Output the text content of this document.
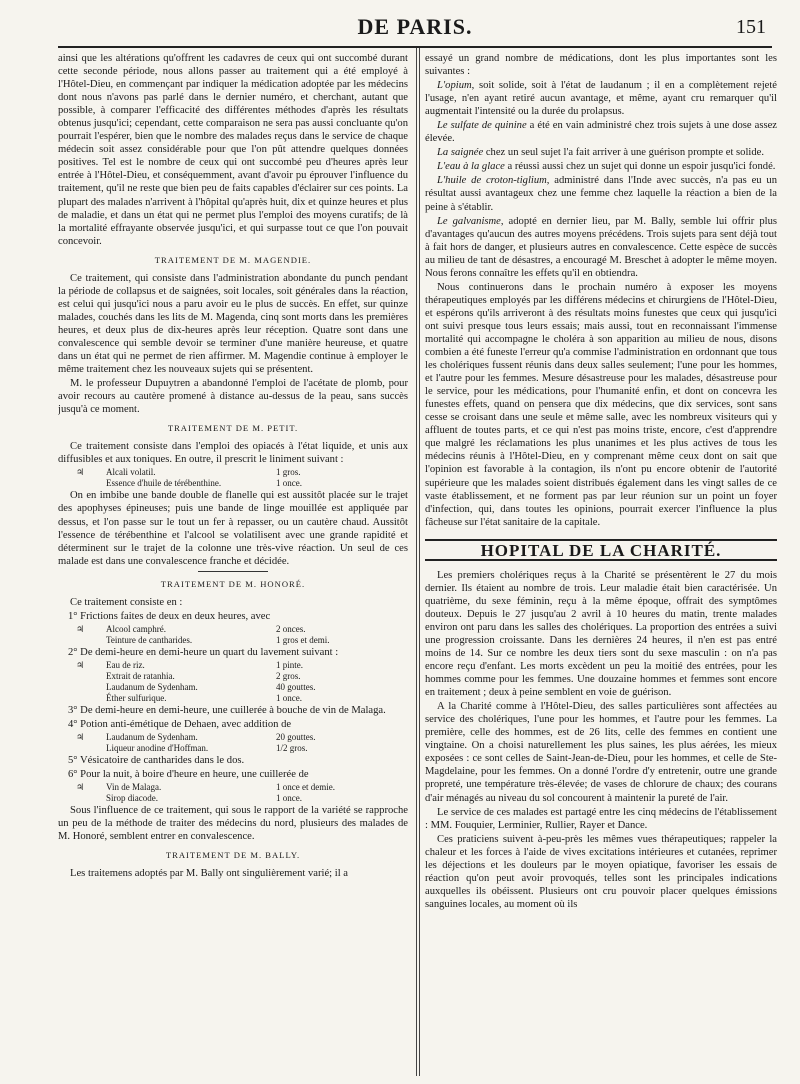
DE PARIS.	151

ainsi que les altérations qu'offrent les cadavres de ceux qui ont succombé durant cette seconde période, nous allons passer au traitement qui a été employé à l'Hôtel-Dieu, en commençant par indiquer la médication adoptée par les médecins dont nous n'avons pas parlé dans le dernier numéro, et cherchant, autant que possible, à comparer l'efficacité des différentes méthodes d'après les résultats obtenus jusqu'ici; cependant, cette comparaison ne sera pas aussi concluante qu'on pourrait l'espérer, bien que le nombre des malades reçus dans le service de chaque médecin soit assez considérable pour que l'on pût attendre quelques données positives. Tel est le nombre de ceux qui ont succombé peu d'heures après leur entrée à l'Hôtel-Dieu, et conséquemment, avant d'avoir pu éprouver l'influence du traitement, qu'il ne reste que bien peu de faits capables d'éclairer sur ces points. La plupart des malades n'arrivent à l'hôpital qu'après huit, dix et quinze heures et plus de maladie, et dans un état qui ne permet plus l'emploi des moyens curatifs; de là la mortalité effrayante observée jusqu'ici, et qui surpasse tout ce que l'on pouvait concevoir.

TRAITEMENT DE M. MAGENDIE.

Ce traitement, qui consiste dans l'administration abondante du punch pendant la période de collapsus et de saignées, soit locales, soit générales dans la réaction, est celui qui jusqu'ici nous a paru avoir eu le plus de succès. En effet, sur quinze malades, couchés dans les lits de M. Magenda, cinq sont morts dans les premières heures, et deux plus de dix-heures après leur réception. Quatre sont dans une convalescence qui semble devoir se terminer d'une manière heureuse, et quatre dans un état qui ne permet de rien affirmer. M. Magendie continue à employer le même traitement chez les nouveaux sujets qui se présentent.

M. le professeur Dupuytren a abandonné l'emploi de l'acétate de plomb, pour avoir recours au cautère promené à distance au-dessus de la peau, sans succès jusqu'à ce moment.

TRAITEMENT DE M. PETIT.

Ce traitement consiste dans l'emploi des opiacés à l'état liquide, et unis aux diffusibles et aux toniques. En outre, il prescrit le liniment suivant :

♃	Alcali volatil.	1 gros.
Essence d'huile de térébenthine.	1 once.

On en imbibe une bande double de flanelle qui est aussitôt placée sur le trajet des apophyses épineuses; puis une bande de linge mouillée est appliquée par dessus, et l'on passe sur le tout un fer à repasser, ou un cautère chaud. Aussitôt l'essence de térébenthine et l'alcool se volatilisent avec une grande rapidité et déterminent sur le trajet de la colonne une très-vive réaction. Un seul de ces malade est dans une convalescence franche et décidée.

TRAITEMENT DE M. HONORÉ.

Ce traitement consiste en :

1° Frictions faites de deux en deux heures, avec

♃	Alcool camphré.	2 onces.
Teinture de cantharides.	1 gros et demi.

2° De demi-heure en demi-heure un quart du lavement suivant :

♃	Eau de riz.	1 pinte.
Extrait de ratanhia.	2 gros.
Laudanum de Sydenham.	40 gouttes.
Éther sulfurique.	1 once.

3° De demi-heure en demi-heure, une cuillerée à bouche de vin de Malaga.

4° Potion anti-émétique de Dehaen, avec addition de

♃	Laudanum de Sydenham.	20 gouttes.
Liqueur anodine d'Hoffman.	1/2 gros.

5° Vésicatoire de cantharides dans le dos.

6° Pour la nuit, à boire d'heure en heure, une cuillerée de

♃	Vin de Malaga.	1 once et demie.
Sirop diacode.	1 once.

Sous l'influence de ce traitement, qui sous le rapport de la variété se rapproche un peu de la méthode de traiter des médecins du nord, plusieurs des malades de M. Honoré, semblent entrer en convalescence.

TRAITEMENT DE M. BALLY.

Les traitemens adoptés par M. Bally ont singulièrement varié; il a

essayé un grand nombre de médications, dont les plus importantes sont les suivantes :

L'opium, soit solide, soit à l'état de laudanum ; il en a complètement rejeté l'usage, n'en ayant retiré aucun avantage, et même, ayant cru remarquer qu'il augmentait l'intensité ou la durée du prolapsus.

Le sulfate de quinine a été en vain administré chez trois sujets à une dose assez élevée.

La saignée chez un seul sujet l'a fait arriver à une guérison prompte et solide.

L'eau à la glace a réussi aussi chez un sujet qui donne un espoir jusqu'ici fondé.

L'huile de croton-tiglium, administré dans l'Inde avec succès, n'a pas eu un résultat aussi avantageux chez une femme chez laquelle la réaction a bien de la peine à s'établir.

Le galvanisme, adopté en dernier lieu, par M. Bally, semble lui offrir plus d'avantages qu'aucun des autres moyens précédens. Trois sujets para sent déjà tout à fait hors de danger, et plusieurs autres en convalescence. Cette espèce de succès au milieu de tant de désastres, a encouragé M. Breschet à adopter le même moyen. Nous ferons connaître les effets qu'il en obtiendra.

Nous continuerons dans le prochain numéro à exposer les moyens thérapeutiques employés par les différens médecins et chirurgiens de l'Hôtel-Dieu, et espérons qu'ils arriveront à des résultats moins funestes que ceux qui jusqu'ici ont suivi presque tous leurs essais; mais aussi, tout en reconnaissant l'immense mortalité qui accompagne le choléra à son apparition au milieu de nous, disons combien a été funeste l'erreur qu'a commise l'administration en ordonnant que tous les cholériques fussent réunis dans deux salles seulement; l'une pour les hommes, et l'autre pour les femmes. Mesure désastreuse pour les malades, désastreuse pour le service, pour les médications, pour l'humanité enfin, et dont on concevra les funestes effets, quand on pensera que dix médecins, que dix services, sont sans cesse se croisant dans une seule et même salle, avec les nombreux visiteurs qui y affluent de toutes parts, et ce qui n'est pas moins triste, encore, c'est d'apprendre que malgré les réclamations les plus unanimes et les plus actives de tous les médecins réunis à l'Hôtel-Dieu, en y comprenant même ceux dont on sait que l'opinion est favorable à la contagion, ils n'ont pu encore obtenir de l'autorité supérieure que les malades soient distribués également dans les vingt salles de ce vaste établissement, et ne forment pas par leur réunion sur un point un foyer d'infection, qui, dans toutes les opinions, pourrait exercer l'influence la plus fâcheuse sur l'état sanitaire de la capitale.

HOPITAL DE LA CHARITÉ.

Les premiers cholériques reçus à la Charité se présentèrent le 27 du mois dernier. Ils étaient au nombre de trois. Leur maladie était bien caractérisée. Un quatrième, du sexe féminin, reçu à la même époque, offrait des symptômes douteux. Depuis le 27 jusqu'au 2 avril à 10 heures du matin, trente malades environ ont paru dans les salles des cholériques. La proportion des entrées a suivi une progression croissante. Dans les dernières 24 heures, il n'en est pas entré moins de 14. Sur ce nombre les deux tiers sont du sexe masculin : on n'a pas encore reçu d'enfant. Les morts excèdent un peu la moitié des entrées, pour les hommes comme pour les femmes. Une douzaine hommes et femmes sont encore en traitement ; deux à peine semblent en voie de guérison.

A la Charité comme à l'Hôtel-Dieu, des salles particulières sont affectées au service des cholériques, l'une pour les hommes, et l'autre pour les femmes. La première, celle des hommes, est de 26 lits, celle des femmes en contient une vingtaine. On a choisi naturellement les plus saines, les plus aérées, les mieux exposées : ce sont celles de Saint-Jean-de-Dieu, pour les hommes, et celle de Ste-Magdelaine, pour les femmes. On a donné l'ordre d'y entretenir, outre une grande propreté, une température très-élevée; de vases de chlorure de chaux; des courans d'air ménagés au niveau du sol concourent à maintenir la pureté de l'air.

Le service de ces malades est partagé entre les cinq médecins de l'établissement : MM. Fouquier, Lerminier, Rullier, Rayer et Dance.

Ces praticiens suivent à-peu-près les mêmes vues thérapeutiques; rappeler la chaleur et les forces à l'aide de vives excitations intérieures et cutanées, reprimer les déjections et les douleurs par le moyen opiatique, favoriser les essais de réaction qu'on peut avoir provoqués, telles sont les principales indications auxquelles ils obéissent. Plusieurs ont cru pouvoir placer quelques émissions sanguines locales, au moment où ils
